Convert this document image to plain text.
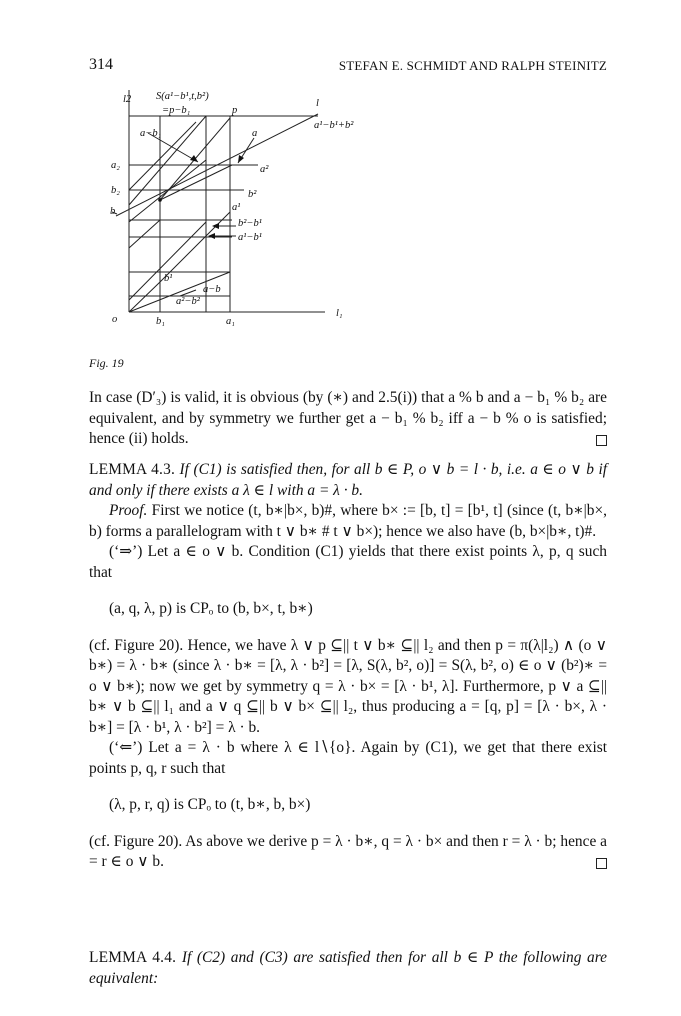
314	STEFAN E. SCHMIDT AND RALPH STEINITZ
l2 S(a¹−b¹,t,b²)
=p−b₁	p
l
a¹−b¹+b²
a−b₁	a
a₂	a²
b₂	b²
b	a¹
b²−b¹
a¹−b¹
b¹
a−b
a²−b²
o	b₁	a₁
l₁
Fig. 19

In case (D′₃) is valid, it is obvious (by (∗) and 2.5(i)) that a % b and a − b₁ % b₂ are equivalent, and by symmetry we further get a − b₁ % b₂ iff a − b % o is satisfied; hence (ii) holds.

LEMMA 4.3. If (C1) is satisfied then, for all b ∈ P, o ∨ b = l · b, i.e. a ∈ o ∨ b if and only if there exists a λ ∈ l with a = λ · b.

Proof. First we notice (t, b∗|b×, b)#, where b× := [b, t] = [b¹, t] (since (t, b∗|b×, b) forms a parallelogram with t ∨ b∗ # t ∨ b×); hence we also have (b, b×|b∗, t)#.

(‘⇒’) Let a ∈ o ∨ b. Condition (C1) yields that there exist points λ, p, q such that

(a, q, λ, p) is CPₒ to (b, b×, t, b∗)

(cf. Figure 20). Hence, we have λ ∨ p ⊆|| t ∨ b∗ ⊆|| l₂ and then p = π(λ|l₂) ∧ (o ∨ b∗) = λ · b∗ (since λ · b∗ = [λ, λ · b²] = [λ, S(λ, b², o)] = S(λ, b², o) ∈ o ∨ (b²)∗ = o ∨ b∗); now we get by symmetry q = λ · b× = [λ · b¹, λ]. Furthermore, p ∨ a ⊆|| b∗ ∨ b ⊆|| l₁ and a ∨ q ⊆|| b ∨ b× ⊆|| l₂, thus producing a = [q, p] = [λ · b×, λ · b∗] = [λ · b¹, λ · b²] = λ · b.

(‘⇐’) Let a = λ · b where λ ∈ l∖{o}. Again by (C1), we get that there exist points p, q, r such that

(λ, p, r, q) is CPₒ to (t, b∗, b, b×)

(cf. Figure 20). As above we derive p = λ · b∗, q = λ · b× and then r = λ · b; hence a = r ∈ o ∨ b.

LEMMA 4.4. If (C2) and (C3) are satisfied then for all b ∈ P the following are equivalent:
